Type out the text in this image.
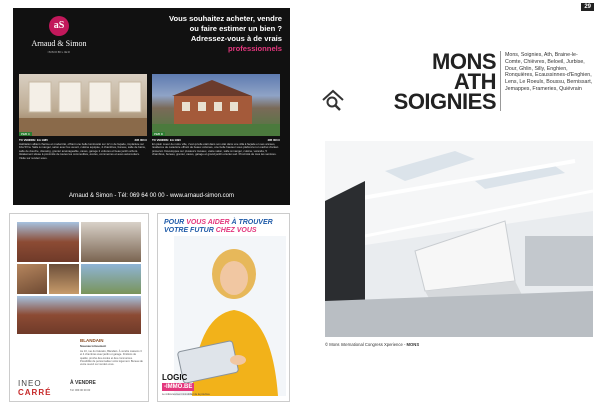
29
aS
Arnaud & Simon
IMMOBILIER
Vous souhaitez acheter, vendre
ou faire estimer un bien ?
Adressez-vous à de vrais
professionnels
PEB C	PEB D
TO VENDRE: EA 1985	395 000 €
Habitation alliant charme et modernité, offrant une belle luminosité sur 12 m de façade, implantée sur 10a 57ca. Salle à manger, salon avec feu ouvert, cuisine équipée, 4 chambres, bureau, salle de bains, salle de douche, dressing, grenier aménageable, caves, garage 2 voitures et beau jardin arboré. Idéalement située à proximité de toutes les commodités, écoles, commerces et axes autoroutiers. Visite sur rendez-vous.
TO VENDRE: EA 1990	485 000 €
En plein coeur de notre ville, c'est qu'elle était dans son état dans une villa à façade en ses années, résidence de caractère offrant de beaux volumes, une belle hauteur sous plafond et un cachet d'antan préservé. Développée sur plusieurs niveaux, vaste salon, salle à manger, cuisine, véranda, 5 chambres, bureau, grenier, caves, garage et grand jardin orienté sud. Proximité de tous les services.
Arnaud & Simon - Tél: 069 64 00 00 - www.arnaud-simon.com
BLANDAIN
Nouveau lotissement
Au 10, rue du Calvaire, Blandain. À vendre maisons 3 et 4 chambres avec jardin et garage. Finitions de qualité, proche des écoles et des commerces. Possibilité de personnaliser votre logement. Bureau de vente ouvert sur rendez-vous.
INEO
CARRÉ
À VENDRE
Tél: 069 00 00 00
POUR VOUS AIDER À TROUVER
VOTRE FUTUR CHEZ VOUS
LOGIC
-IMMO.BE
Le référencement immobilier de la province
MONS
ATH
SOIGNIES
Mons, Soignies, Ath, Braine-le-Comte, Chièvres, Beloeil, Jurbise, Dour, Ghlin, Silly, Enghien, Ronquières, Ecaussinnes-d'Enghien, Lens, Le Roeulx, Boussu, Bernissart, Jemappes, Frameries, Quiévrain
© Mons International Congress Xperience - MONS
